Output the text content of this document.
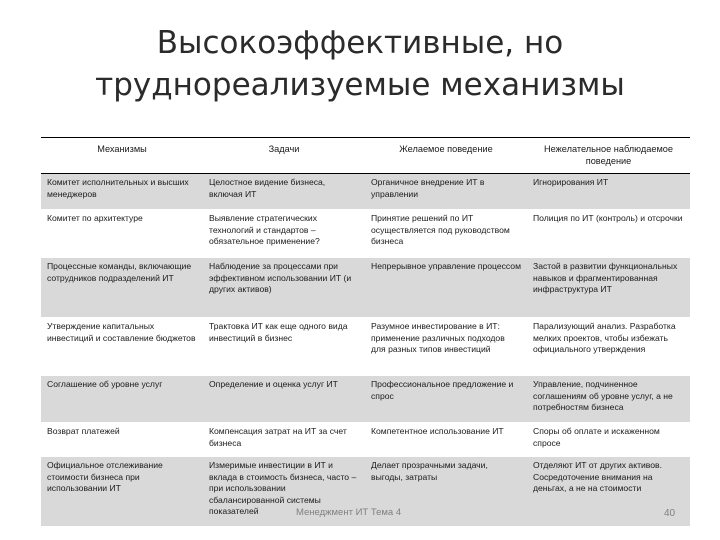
Высокоэффективные, но
труднореализуемые механизмы
Механизмы	Задачи	Желаемое поведение	Нежелательное наблюдаемое поведение
Комитет исполнительных и высших менеджеров	Целостное видение бизнеса, включая ИТ	Органичное внедрение ИТ в управлении	Игнорирования ИТ
Комитет по архитектуре	Выявление стратегических технологий и стандартов – обязательное применение?	Принятие решений по ИТ осуществляется под руководством бизнеса	Полиция по ИТ (контроль) и отсрочки
Процессные команды, включающие сотрудников подразделений ИТ	Наблюдение за процессами при эффективном использовании ИТ (и других активов)	Непрерывное управление процессом	Застой в развитии функциональных навыков и фрагментированная инфраструктура ИТ
Утверждение капитальных инвестиций и составление бюджетов	Трактовка ИТ как еще одного вида инвестиций в бизнес	Разумное инвестирование в ИТ: применение различных подходов для разных типов инвестиций	Парализующий анализ. Разработка мелких проектов, чтобы избежать официального утверждения
Соглашение об уровне услуг	Определение и оценка услуг ИТ	Профессиональное предложение и спрос	Управление, подчиненное соглашениям об уровне услуг, а не потребностям бизнеса
Возврат платежей	Компенсация затрат на ИТ за счет бизнеса	Компетентное использование ИТ	Споры об оплате и искаженном спросе
Официальное отслеживание стоимости бизнеса при использовании ИТ	Измеримые инвестиции в ИТ и вклада в стоимость бизнеса, часто – при использовании сбалансированной системы показателей	Делает прозрачными задачи, выгоды, затраты	Отделяют ИТ от других активов. Сосредоточение внимания на деньгах, а не на стоимости
Менеджмент ИТ Тема 4	40
